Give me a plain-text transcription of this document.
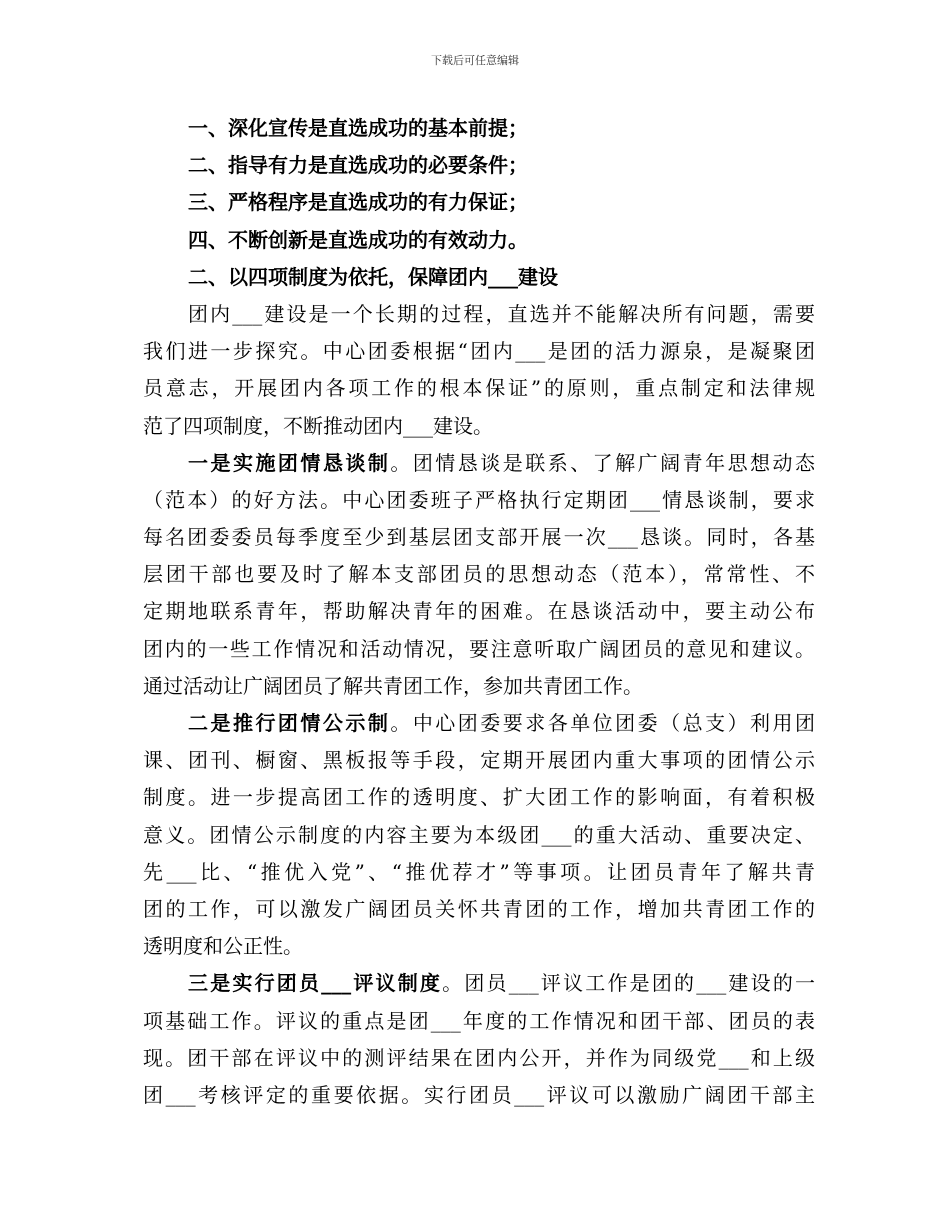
下载后可任意编辑
一、深化宣传是直选成功的基本前提；
二、指导有力是直选成功的必要条件；
三、严格程序是直选成功的有力保证；
四、不断创新是直选成功的有效动力。
二、以四项制度为依托，保障团内___建设
团内___建设是一个长期的过程，直选并不能解决所有问题，需要
我们进一步探究。中心团委根据“团内___是团的活力源泉，是凝聚团
员意志，开展团内各项工作的根本保证”的原则，重点制定和法律规
范了四项制度，不断推动团内___建设。
一是实施团情恳谈制。团情恳谈是联系、了解广阔青年思想动态
（范本）的好方法。中心团委班子严格执行定期团___情恳谈制，要求
每名团委委员每季度至少到基层团支部开展一次___恳谈。同时，各基
层团干部也要及时了解本支部团员的思想动态（范本），常常性、不
定期地联系青年，帮助解决青年的困难。在恳谈活动中，要主动公布
团内的一些工作情况和活动情况，要注意听取广阔团员的意见和建议。
通过活动让广阔团员了解共青团工作，参加共青团工作。
二是推行团情公示制。中心团委要求各单位团委（总支）利用团
课、团刊、橱窗、黑板报等手段，定期开展团内重大事项的团情公示
制度。进一步提高团工作的透明度、扩大团工作的影响面，有着积极
意义。团情公示制度的内容主要为本级团___的重大活动、重要决定、
先___比、“推优入党”、“推优荐才”等事项。让团员青年了解共青
团的工作，可以激发广阔团员关怀共青团的工作，增加共青团工作的
透明度和公正性。
三是实行团员___评议制度。团员___评议工作是团的___建设的一
项基础工作。评议的重点是团___年度的工作情况和团干部、团员的表
现。团干部在评议中的测评结果在团内公开，并作为同级党___和上级
团___考核评定的重要依据。实行团员___评议可以激励广阔团干部主
